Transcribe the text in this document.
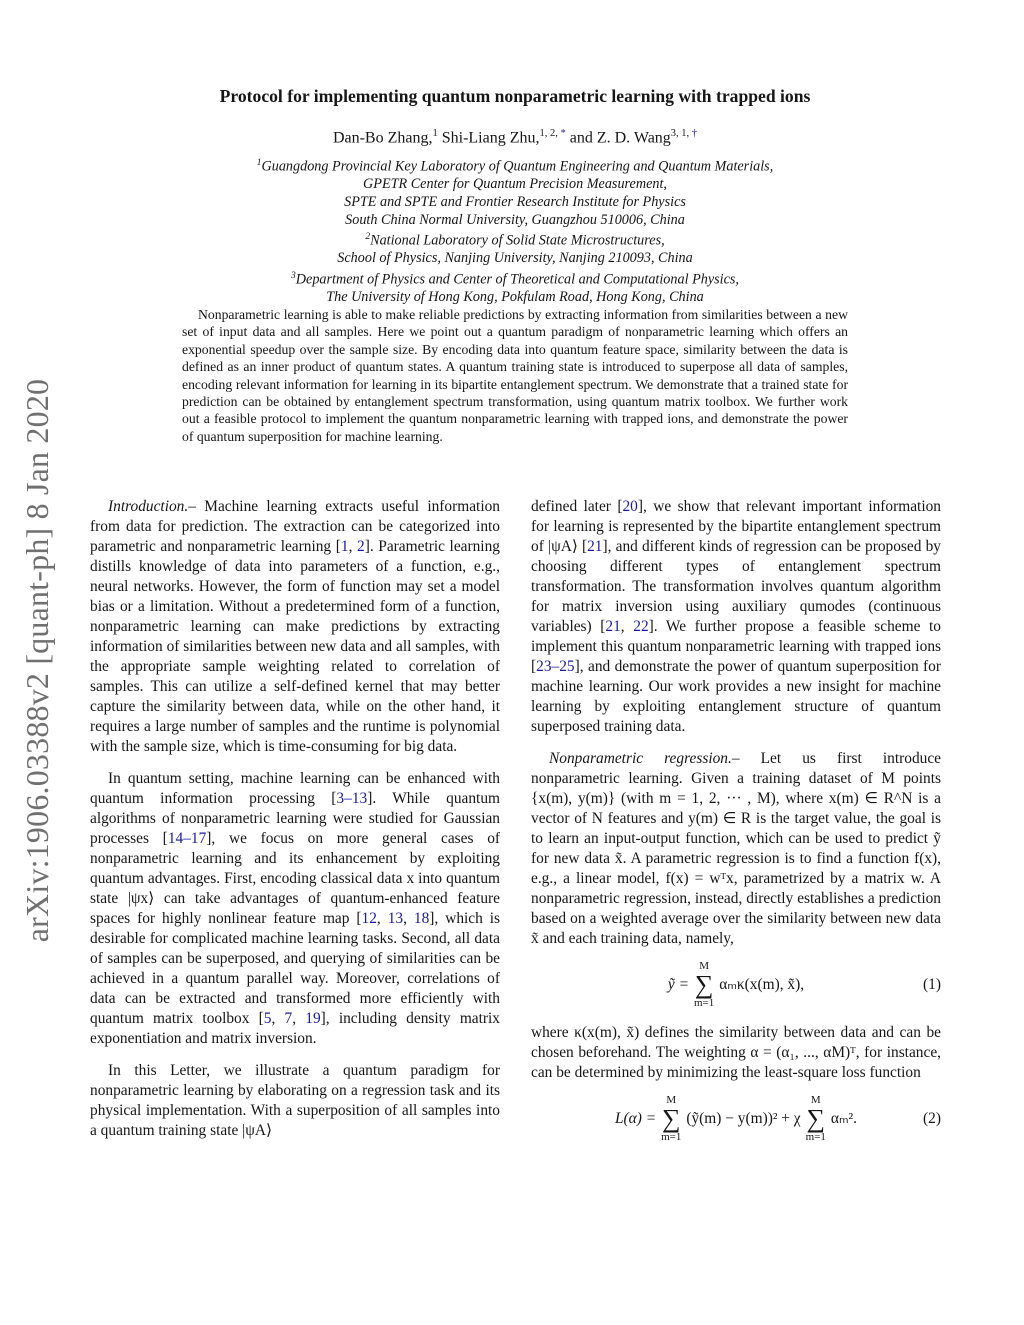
arXiv:1906.03388v2 [quant-ph] 8 Jan 2020
Protocol for implementing quantum nonparametric learning with trapped ions
Dan-Bo Zhang,$^1$ Shi-Liang Zhu,$^{1, 2, *}$ and Z. D. Wang$^{3, 1, \dagger}$
$^1$Guangdong Provincial Key Laboratory of Quantum Engineering and Quantum Materials,
GPETR Center for Quantum Precision Measurement,
SPTE and SPTE and Frontier Research Institute for Physics
South China Normal University, Guangzhou 510006, China
$^2$National Laboratory of Solid State Microstructures,
School of Physics, Nanjing University, Nanjing 210093, China
$^3$Department of Physics and Center of Theoretical and Computational Physics,
The University of Hong Kong, Pokfulam Road, Hong Kong, China
Nonparametric learning is able to make reliable predictions by extracting information from similarities between a new set of input data and all samples. Here we point out a quantum paradigm of nonparametric learning which offers an exponential speedup over the sample size. By encoding data into quantum feature space, similarity between the data is defined as an inner product of quantum states. A quantum training state is introduced to superpose all data of samples, encoding relevant information for learning in its bipartite entanglement spectrum. We demonstrate that a trained state for prediction can be obtained by entanglement spectrum transformation, using quantum matrix toolbox. We further work out a feasible protocol to implement the quantum nonparametric learning with trapped ions, and demonstrate the power of quantum superposition for machine learning.

Introduction.– Machine learning extracts useful information from data for prediction. The extraction can be categorized into parametric and nonparametric learning [1, 2]. Parametric learning distills knowledge of data into parameters of a function, e.g., neural networks. However, the form of function may set a model bias or a limitation. Without a predetermined form of a function, nonparametric learning can make predictions by extracting information of similarities between new data and all samples, with the appropriate sample weighting related to correlation of samples. This can utilize a self-defined kernel that may better capture the similarity between data, while on the other hand, it requires a large number of samples and the runtime is polynomial with the sample size, which is time-consuming for big data.

In quantum setting, machine learning can be enhanced with quantum information processing [3–13]. While quantum algorithms of nonparametric learning were studied for Gaussian processes [14–17], we focus on more general cases of nonparametric learning and its enhancement by exploiting quantum advantages. First, encoding classical data x into quantum state |ψx⟩ can take advantages of quantum-enhanced feature spaces for highly nonlinear feature map [12, 13, 18], which is desirable for complicated machine learning tasks. Second, all data of samples can be superposed, and querying of similarities can be achieved in a quantum parallel way. Moreover, correlations of data can be extracted and transformed more efficiently with quantum matrix toolbox [5, 7, 19], including density matrix exponentiation and matrix inversion.

In this Letter, we illustrate a quantum paradigm for nonparametric learning by elaborating on a regression task and its physical implementation. With a superposition of all samples into a quantum training state |ψA⟩

defined later [20], we show that relevant important information for learning is represented by the bipartite entanglement spectrum of |ψA⟩ [21], and different kinds of regression can be proposed by choosing different types of entanglement spectrum transformation. The transformation involves quantum algorithm for matrix inversion using auxiliary qumodes (continuous variables) [21, 22]. We further propose a feasible scheme to implement this quantum nonparametric learning with trapped ions [23–25], and demonstrate the power of quantum superposition for machine learning. Our work provides a new insight for machine learning by exploiting entanglement structure of quantum superposed training data.

Nonparametric regression.– Let us first introduce nonparametric learning. Given a training dataset of M points {x(m), y(m)} (with m = 1, 2, ··· , M), where x(m) ∈ R^N is a vector of N features and y(m) ∈ R is the target value, the goal is to learn an input-output function, which can be used to predict ỹ for new data x̃. A parametric regression is to find a function f(x), e.g., a linear model, f(x) = wᵀx, parametrized by a matrix w. A nonparametric regression, instead, directly establishes a prediction based on a weighted average over the similarity between new data x̃ and each training data, namely,

ỹ =
M
∑
m=1
αₘκ(x(m), x̃),	(1)

where κ(x(m), x̃) defines the similarity between data and can be chosen beforehand. The weighting α = (α₁, ..., αM)ᵀ, for instance, can be determined by minimizing the least-square loss function

L(α) =
M
∑
m=1
(ỹ(m) − y(m))² + χ
M
∑
m=1
αₘ².	(2)
